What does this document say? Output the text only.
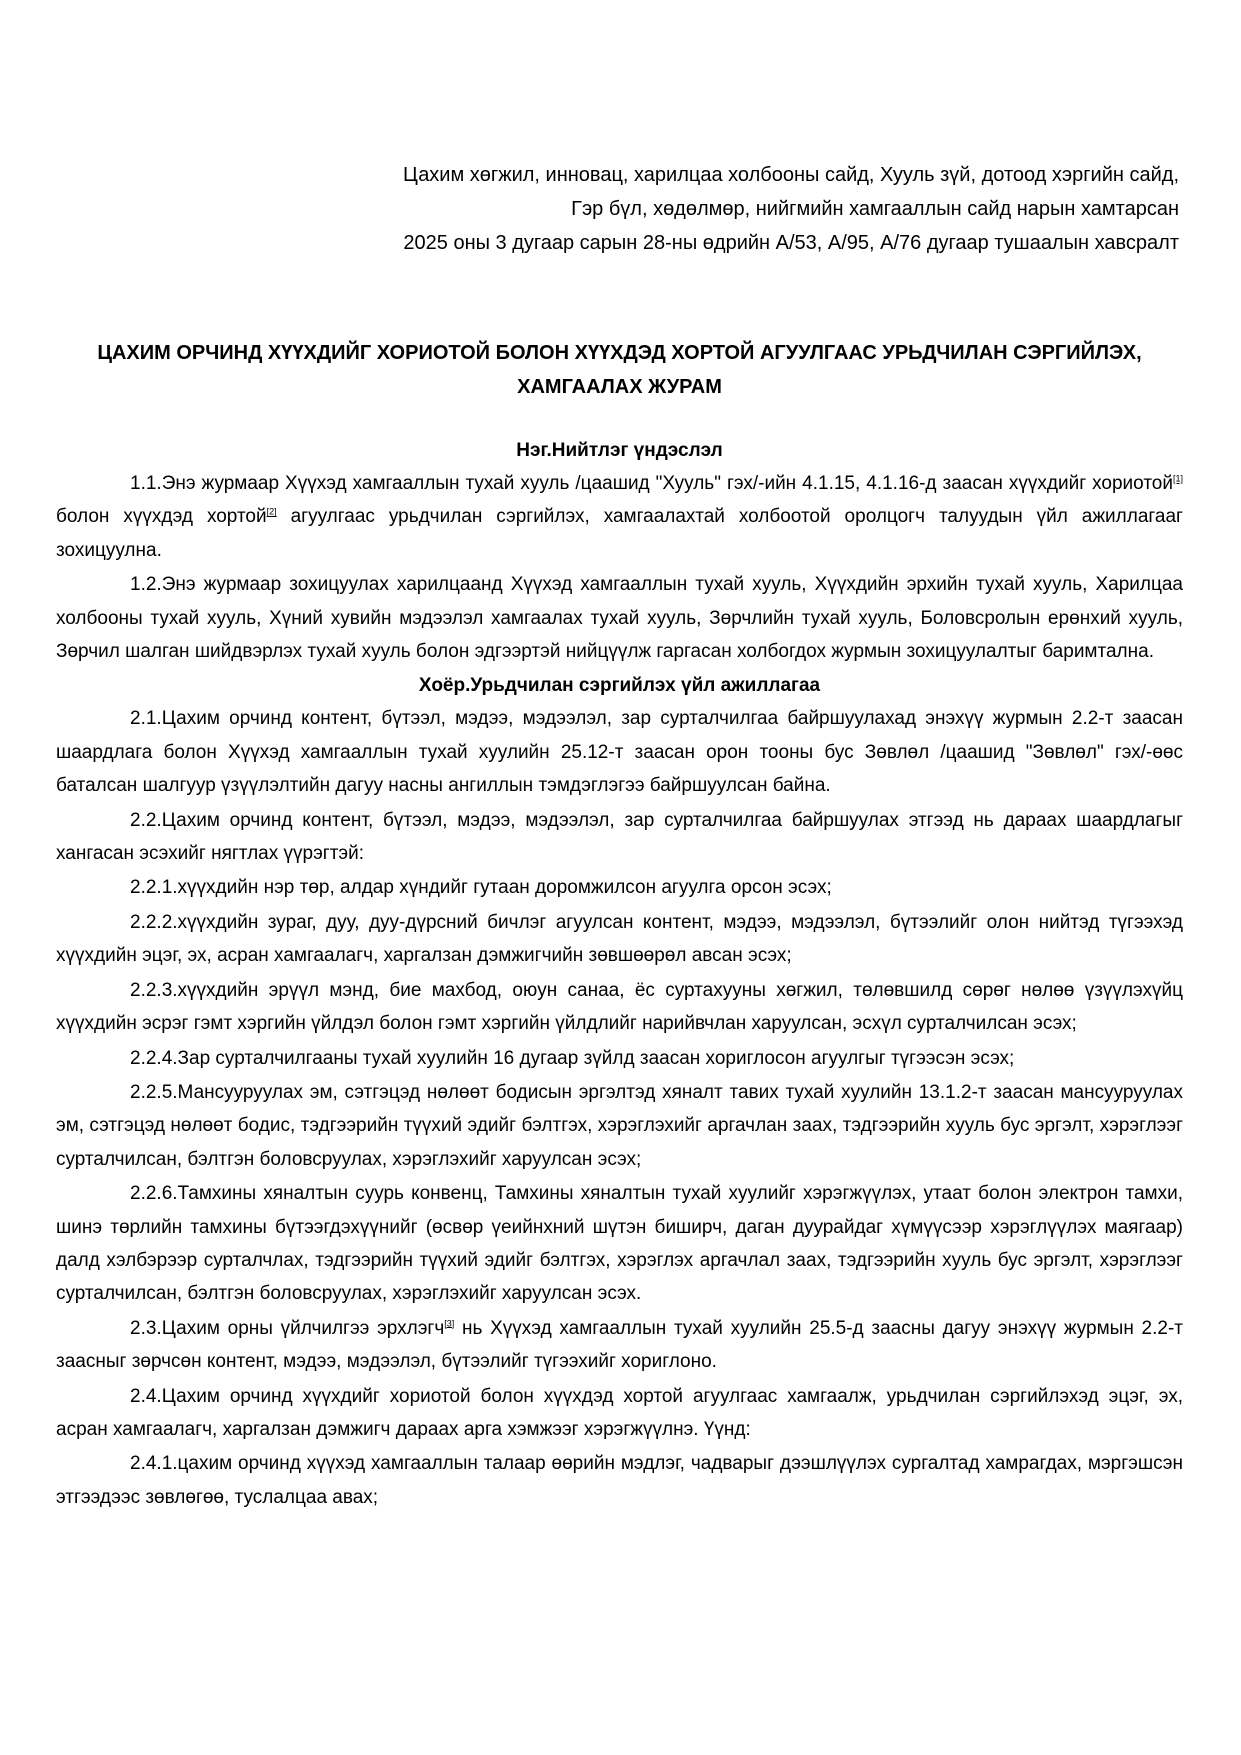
Цахим хөгжил, инновац, харилцаа холбооны сайд, Хууль зүй, дотоод хэргийн сайд,
Гэр бүл, хөдөлмөр, нийгмийн хамгааллын сайд нарын хамтарсан
2025 оны 3 дугаар сарын 28-ны өдрийн А/53, А/95, А/76 дугаар тушаалын хавсралт
ЦАХИМ ОРЧИНД ХҮҮХДИЙГ ХОРИОТОЙ БОЛОН ХҮҮХДЭД ХОРТОЙ АГУУЛГААС УРЬДЧИЛАН СЭРГИЙЛЭХ,
ХАМГААЛАХ ЖУРАМ
Нэг.Нийтлэг үндэслэл

1.1.Энэ журмаар Хүүхэд хамгааллын тухай хууль /цаашид "Хууль" гэх/-ийн 4.1.15, 4.1.16-д заасан хүүхдийг хориотой[1] болон хүүхдэд хортой[2] агуулгаас урьдчилан сэргийлэх, хамгаалахтай холбоотой оролцогч талуудын үйл ажиллагааг зохицуулна.

1.2.Энэ журмаар зохицуулах харилцаанд Хүүхэд хамгааллын тухай хууль, Хүүхдийн эрхийн тухай хууль, Харилцаа холбооны тухай хууль, Хүний хувийн мэдээлэл хамгаалах тухай хууль, Зөрчлийн тухай хууль, Боловсролын ерөнхий хууль, Зөрчил шалган шийдвэрлэх тухай хууль болон эдгээртэй нийцүүлж гаргасан холбогдох журмын зохицуулалтыг баримтална.

Хоёр.Урьдчилан сэргийлэх үйл ажиллагаа

2.1.Цахим орчинд контент, бүтээл, мэдээ, мэдээлэл, зар сурталчилгаа байршуулахад энэхүү журмын 2.2-т заасан шаардлага болон Хүүхэд хамгааллын тухай хуулийн 25.12-т заасан орон тооны бус Зөвлөл /цаашид "Зөвлөл" гэх/-өөс баталсан шалгуур үзүүлэлтийн дагуу насны ангиллын тэмдэглэгээ байршуулсан байна.

2.2.Цахим орчинд контент, бүтээл, мэдээ, мэдээлэл, зар сурталчилгаа байршуулах этгээд нь дараах шаардлагыг хангасан эсэхийг нягтлах үүрэгтэй:

2.2.1.хүүхдийн нэр төр, алдар хүндийг гутаан доромжилсон агуулга орсон эсэх;

2.2.2.хүүхдийн зураг, дуу, дуу-дүрсний бичлэг агуулсан контент, мэдээ, мэдээлэл, бүтээлийг олон нийтэд түгээхэд хүүхдийн эцэг, эх, асран хамгаалагч, харгалзан дэмжигчийн зөвшөөрөл авсан эсэх;

2.2.3.хүүхдийн эрүүл мэнд, бие махбод, оюун санаа, ёс суртахууны хөгжил, төлөвшилд сөрөг нөлөө үзүүлэхүйц хүүхдийн эсрэг гэмт хэргийн үйлдэл болон гэмт хэргийн үйлдлийг нарийвчлан харуулсан, эсхүл сурталчилсан эсэх;

2.2.4.Зар сурталчилгааны тухай хуулийн 16 дугаар зүйлд заасан хориглосон агуулгыг түгээсэн эсэх;

2.2.5.Мансууруулах эм, сэтгэцэд нөлөөт бодисын эргэлтэд хяналт тавих тухай хуулийн 13.1.2-т заасан мансууруулах эм, сэтгэцэд нөлөөт бодис, тэдгээрийн түүхий эдийг бэлтгэх, хэрэглэхийг аргачлан заах, тэдгээрийн хууль бус эргэлт, хэрэглээг сурталчилсан, бэлтгэн боловсруулах, хэрэглэхийг харуулсан эсэх;

2.2.6.Тамхины хяналтын суурь конвенц, Тамхины хяналтын тухай хуулийг хэрэгжүүлэх, утаат болон электрон тамхи, шинэ төрлийн тамхины бүтээгдэхүүнийг (өсвөр үеийнхний шүтэн биширч, даган дуурайдаг хүмүүсээр хэрэглүүлэх маягаар) далд хэлбэрээр сурталчлах, тэдгээрийн түүхий эдийг бэлтгэх, хэрэглэх аргачлал заах, тэдгээрийн хууль бус эргэлт, хэрэглээг сурталчилсан, бэлтгэн боловсруулах, хэрэглэхийг харуулсан эсэх.

2.3.Цахим орны үйлчилгээ эрхлэгч[3] нь Хүүхэд хамгааллын тухай хуулийн 25.5-д заасны дагуу энэхүү журмын 2.2-т заасныг зөрчсөн контент, мэдээ, мэдээлэл, бүтээлийг түгээхийг хориглоно.

2.4.Цахим орчинд хүүхдийг хориотой болон хүүхдэд хортой агуулгаас хамгаалж, урьдчилан сэргийлэхэд эцэг, эх, асран хамгаалагч, харгалзан дэмжигч дараах арга хэмжээг хэрэгжүүлнэ. Үүнд:

2.4.1.цахим орчинд хүүхэд хамгааллын талаар өөрийн мэдлэг, чадварыг дээшлүүлэх сургалтад хамрагдах, мэргэшсэн этгээдээс зөвлөгөө, туслалцаа авах;
